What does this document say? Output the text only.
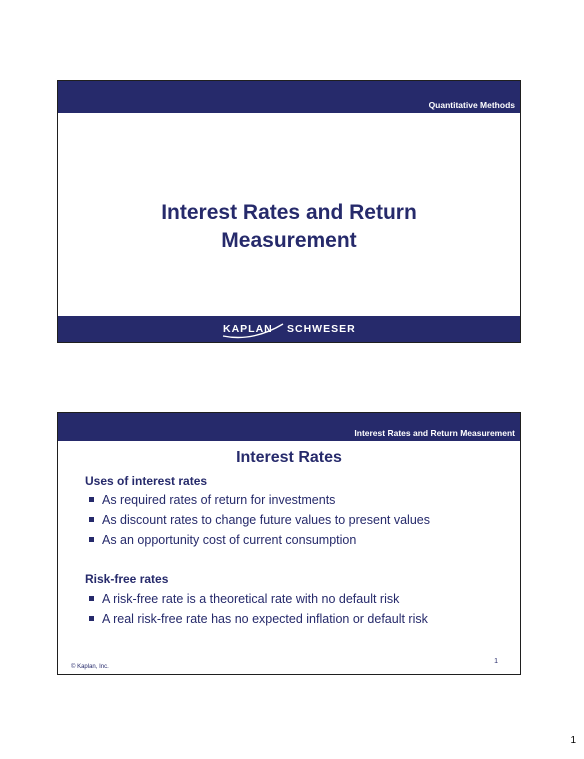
Quantitative Methods
Interest Rates and Return
Measurement
KAPLAN SCHWESER
Interest Rates and Return Measurement
Interest Rates
Uses of interest rates
As required rates of return for investments
As discount rates to change future values to present values
As an opportunity cost of current consumption
Risk-free rates
A risk-free rate is a theoretical rate with no default risk
A real risk-free rate has no expected inflation or default risk
1
© Kaplan, Inc.
1
